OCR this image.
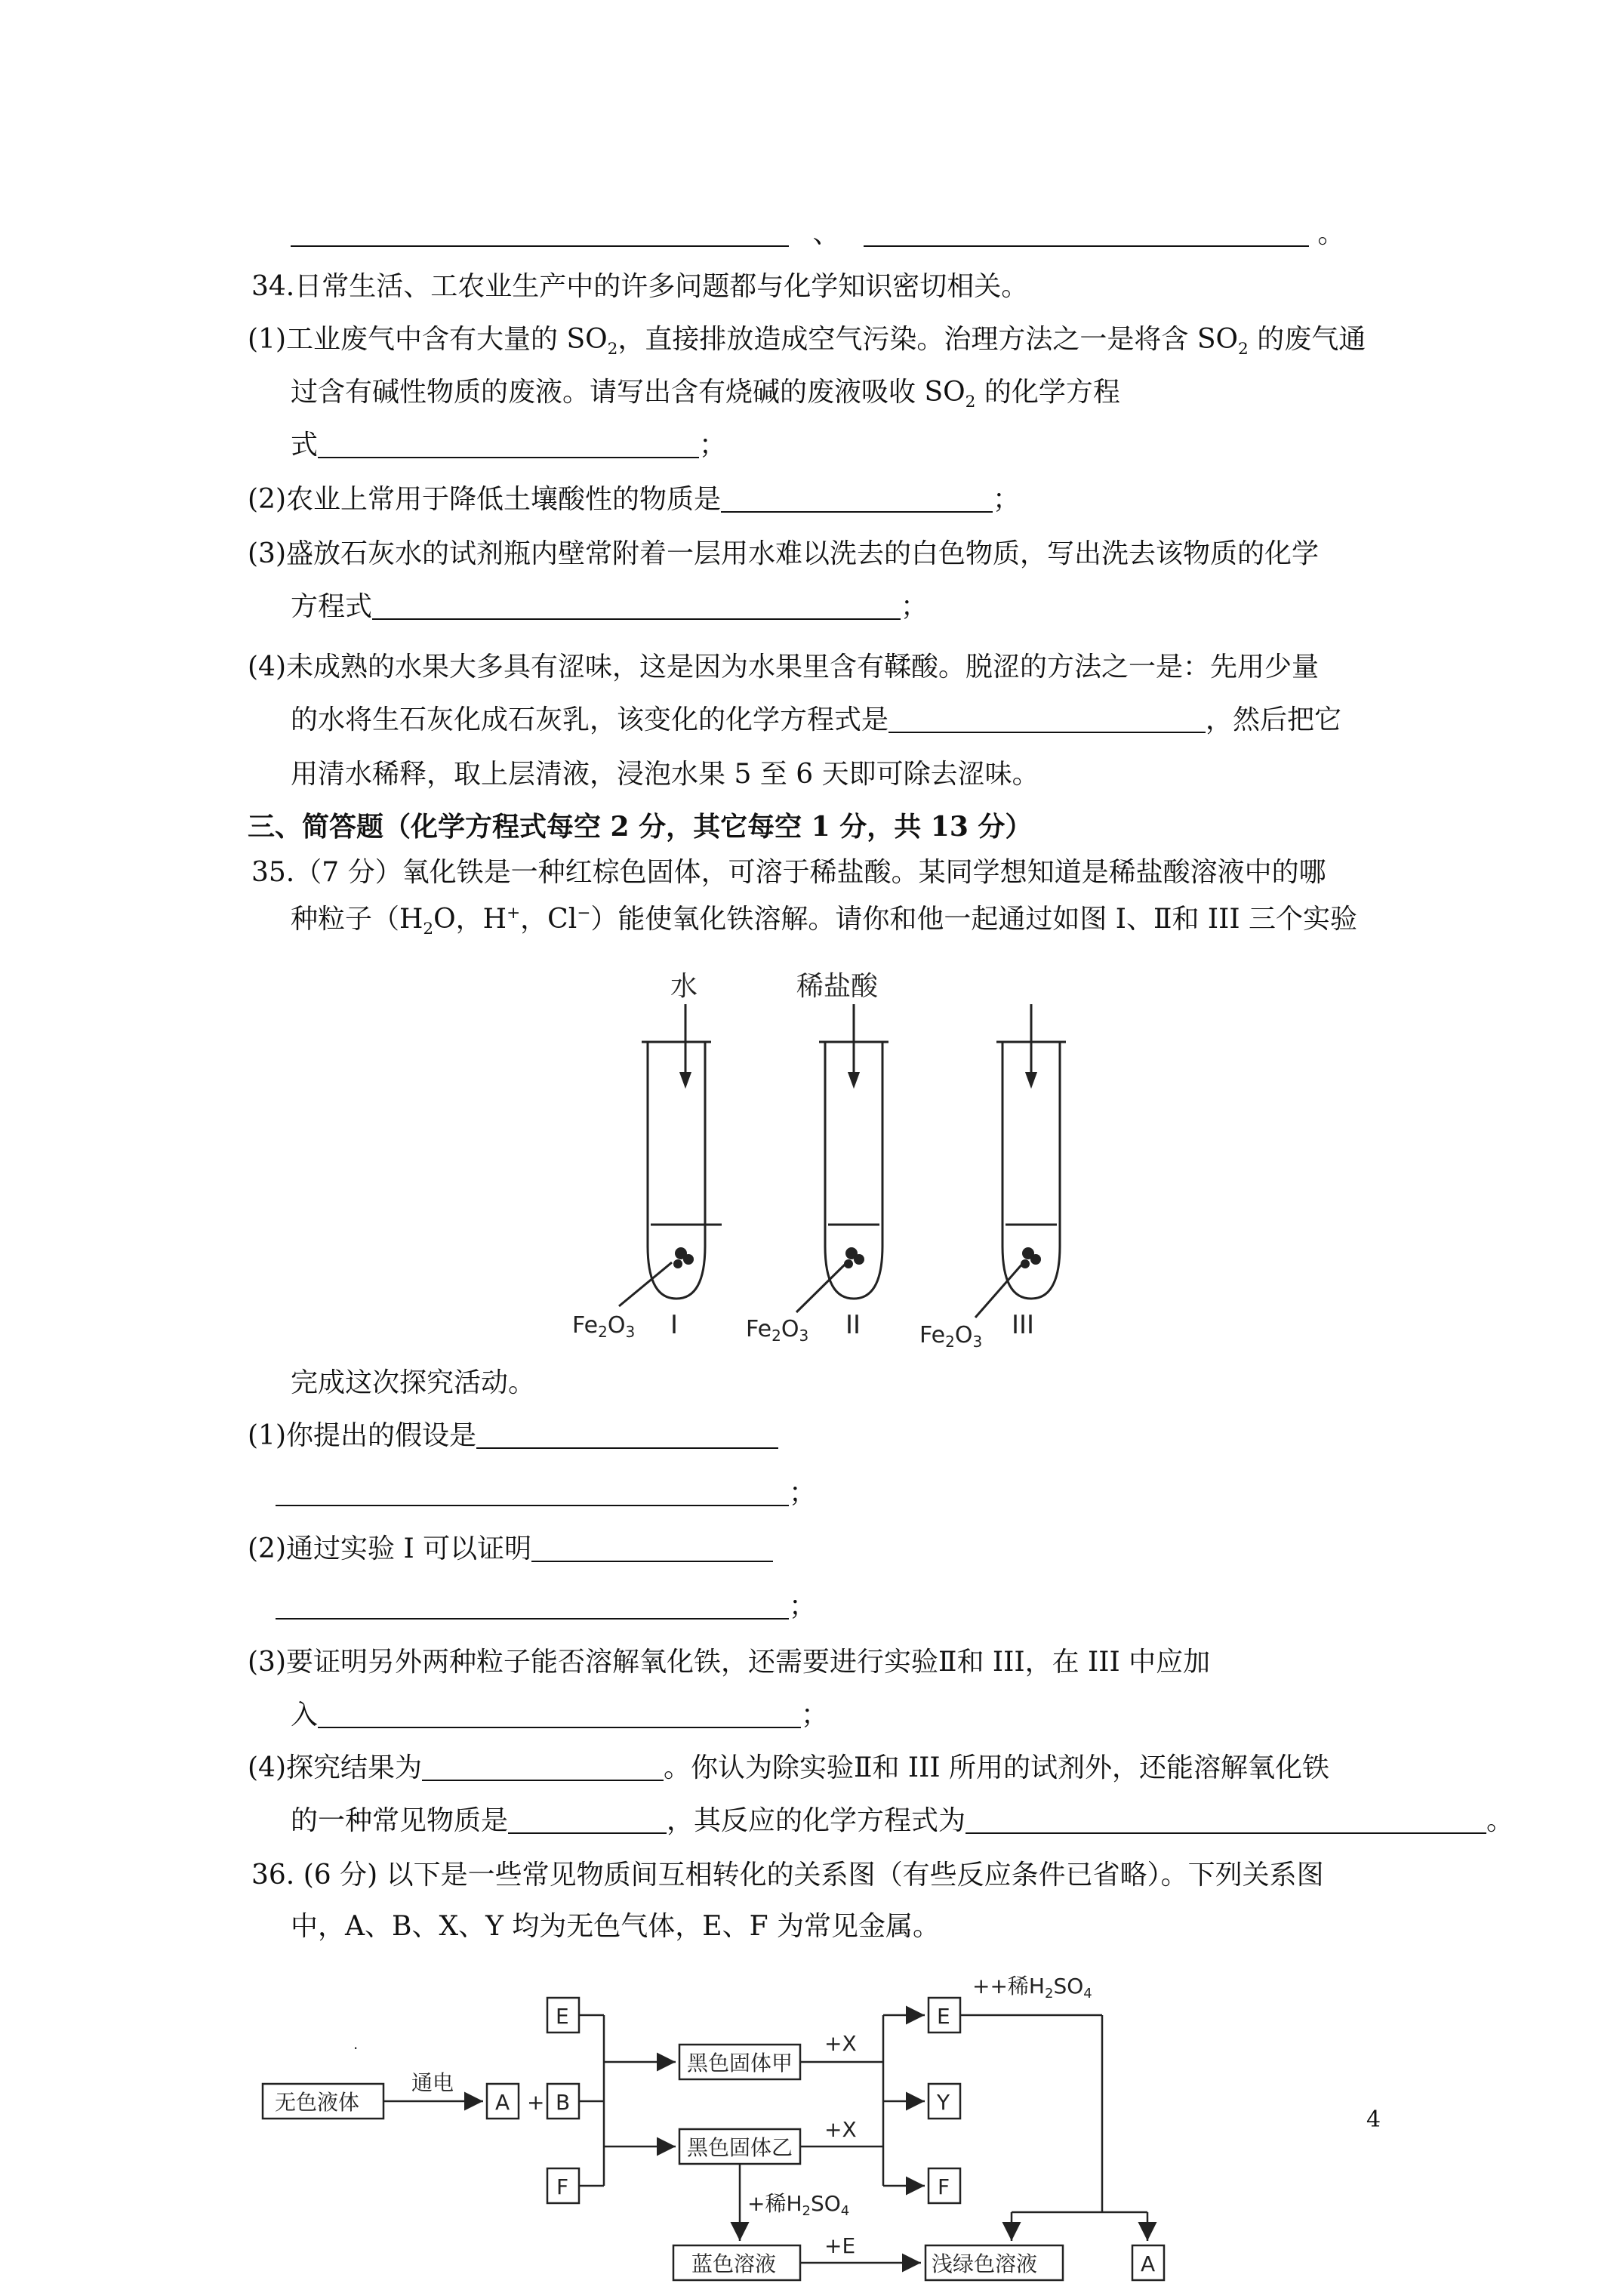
、	。
34.日常生活、工农业生产中的许多问题都与化学知识密切相关。
(1)工业废气中含有大量的 $SO_2$，直接排放造成空气污染。治理方法之一是将含 $SO_2$ 的废气通
过含有碱性物质的废液。请写出含有烧碱的废液吸收 $SO_2$ 的化学方程
式	；
(2)农业上常用于降低土壤酸性的物质是	；
(3)盛放石灰水的试剂瓶内壁常附着一层用水难以洗去的白色物质，写出洗去该物质的化学
方程式	；
(4)未成熟的水果大多具有涩味，这是因为水果里含有鞣酸。脱涩的方法之一是：先用少量
的水将生石灰化成石灰乳，该变化的化学方程式是	，然后把它
用清水稀释，取上层清液，浸泡水果 5 至 6 天即可除去涩味。
三、简答题（化学方程式每空 2 分，其它每空 1 分，共 13 分）
35.（7 分）氧化铁是一种红棕色固体，可溶于稀盐酸。某同学想知道是稀盐酸溶液中的哪
种粒子（$H_2O$，H+，Cl−）能使氧化铁溶解。请你和他一起通过如图 I、Ⅱ和 III 三个实验
水	稀盐酸
$Fe_2O_3$	$Fe_2O_3$	$Fe_2O_3$
I	II	III
完成这次探究活动。
(1)你提出的假设是
；
(2)通过实验 I 可以证明
；
(3)要证明另外两种粒子能否溶解氧化铁，还需要进行实验Ⅱ和 III，在 III 中应加
入	；
(4)探究结果为	。你认为除实验Ⅱ和 III 所用的试剂外，还能溶解氧化铁
的一种常见物质是	，其反应的化学方程式为	。
36. (6 分) 以下是一些常见物质间互相转化的关系图（有些反应条件已省略）。下列关系图
中，A、B、X、Y 均为无色气体，E、F 为常见金属。
无色液体
通电
A + B
E
F
黑色固体甲
黑色固体乙
+X
+X
E
Y
F
++稀$H_2SO_4$
+稀$H_2SO_4$
蓝色溶液
+E
浅绿色溶液	A
·
4
